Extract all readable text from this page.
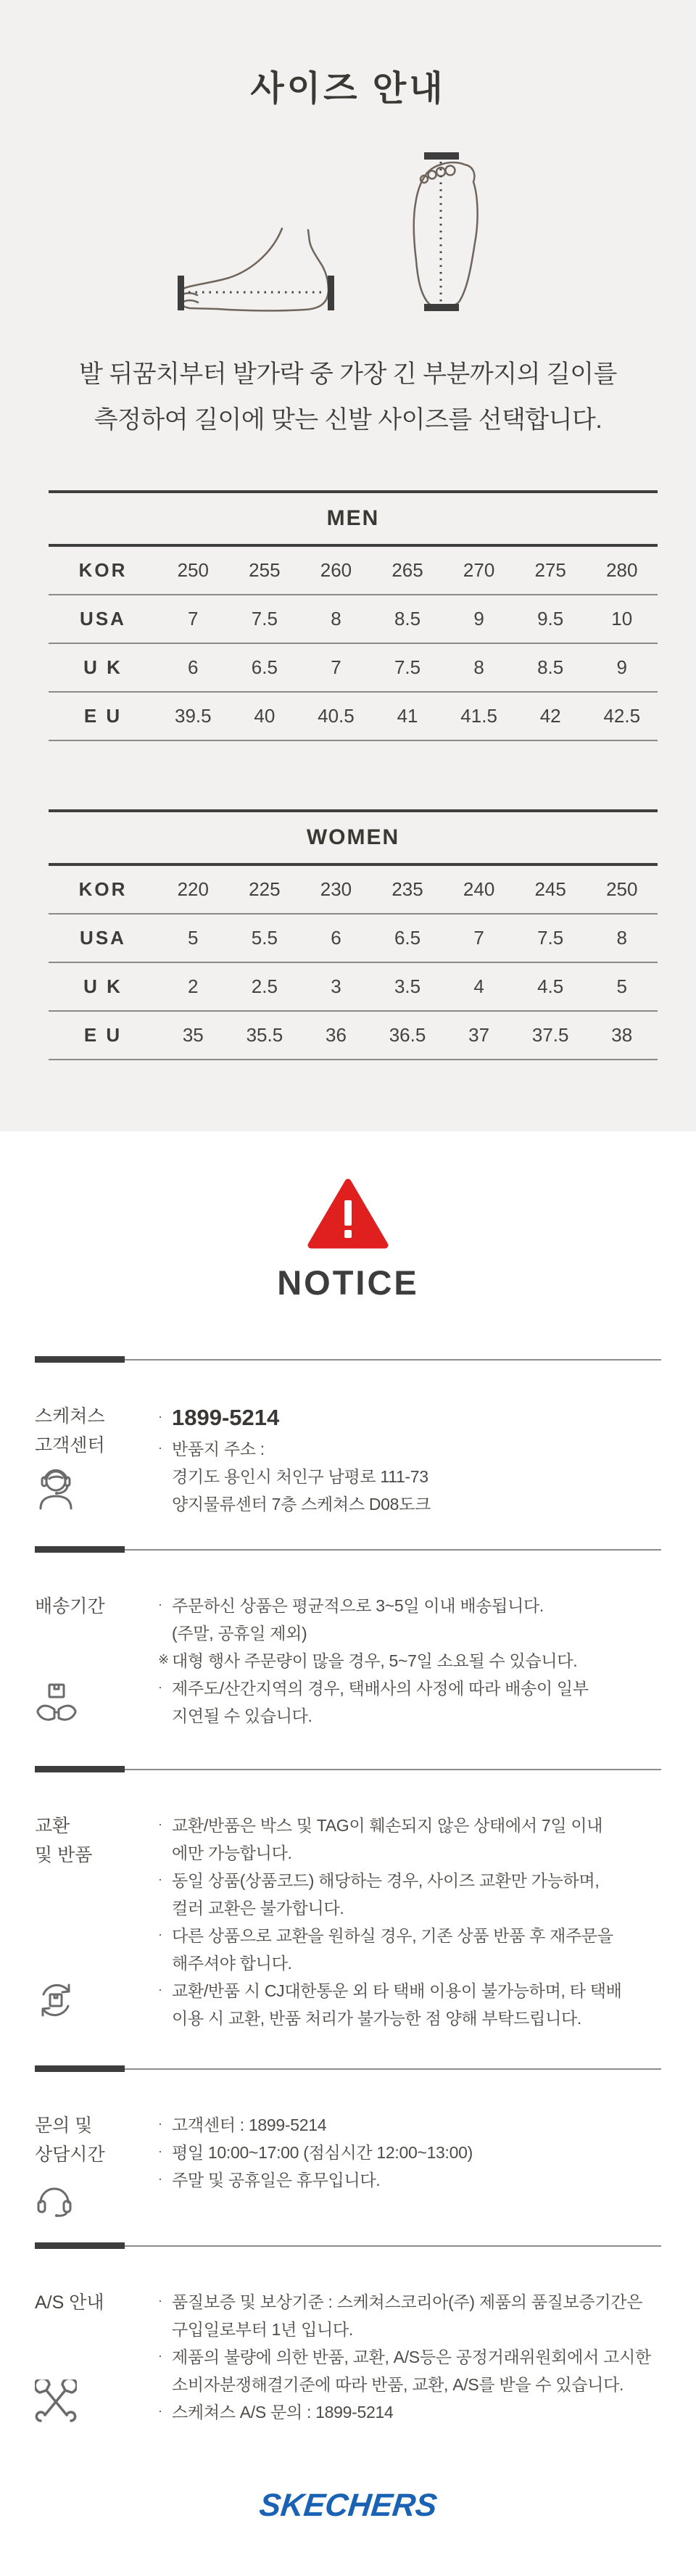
사이즈 안내

발 뒤꿈치부터 발가락 중 가장 긴 부분까지의 길이를

측정하여 길이에 맞는 신발 사이즈를 선택합니다.

MEN
KOR	250	255	260	265	270	275	280
USA	7	7.5	8	8.5	9	9.5	10
U K	6	6.5	7	7.5	8	8.5	9
E U	39.5	40	40.5	41	41.5	42	42.5
WOMEN
KOR	220	225	230	235	240	245	250
USA	5	5.5	6	6.5	7	7.5	8
U K	2	2.5	3	3.5	4	4.5	5
E U	35	35.5	36	36.5	37	37.5	38
NOTICE
스케쳐스
고객센터

· 1899-5214

· 반품지 주소 :

경기도 용인시 처인구 남평로 111-73

양지물류센터 7층 스케쳐스 D08도크

배송기간	· 주문하신 상품은 평균적으로 3~5일 이내 배송됩니다.

(주말, 공휴일 제외)

※ 대형 행사 주문량이 많을 경우, 5~7일 소요될 수 있습니다.

· 제주도/산간지역의 경우, 택배사의 사정에 따라 배송이 일부

지연될 수 있습니다.

교환
및 반품

· 교환/반품은 박스 및 TAG이 훼손되지 않은 상태에서 7일 이내

에만 가능합니다.

· 동일 상품(상품코드) 해당하는 경우, 사이즈 교환만 가능하며,

컬러 교환은 불가합니다.

· 다른 상품으로 교환을 원하실 경우, 기존 상품 반품 후 재주문을

해주셔야 합니다.

· 교환/반품 시 CJ대한통운 외 타 택배 이용이 불가능하며, 타 택배

이용 시 교환, 반품 처리가 불가능한 점 양해 부탁드립니다.

문의 및
상담시간

· 고객센터 : 1899-5214

· 평일 10:00~17:00 (점심시간 12:00~13:00)

· 주말 및 공휴일은 휴무입니다.

A/S 안내	· 품질보증 및 보상기준 : 스케쳐스코리아(주) 제품의 품질보증기간은

구입일로부터 1년 입니다.

· 제품의 불량에 의한 반품, 교환, A/S등은 공정거래위원회에서 고시한

소비자분쟁해결기준에 따라 반품, 교환, A/S를 받을 수 있습니다.

· 스케쳐스 A/S 문의 : 1899-5214

SKECHERS
